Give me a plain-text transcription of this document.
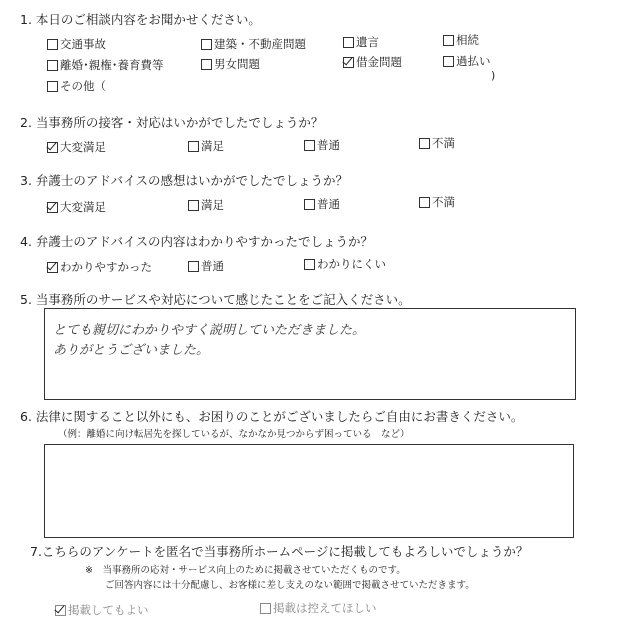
1. 本日のご相談内容をお聞かせください。
交通事故	建築・不動産問題	遺言	相続
離婚･親権･養育費等	男女問題	借金問題	過払い
その他（
)
2. 当事務所の接客・対応はいかがでしたでしょうか？
大変満足	満足	普通	不満
3. 弁護士のアドバイスの感想はいかがでしたでしょうか？
大変満足	満足	普通	不満
4. 弁護士のアドバイスの内容はわかりやすかったでしょうか？
わかりやすかった	普通	わかりにくい
5. 当事務所のサービスや対応について感じたことをご記入ください。
とても親切にわかりやすく説明していただきました。
ありがとうございました。
6. 法律に関すること以外にも、お困りのことがございましたらご自由にお書きください。
（例：離婚に向け転居先を探しているが、なかなか見つからず困っている　など）
7.こちらのアンケートを匿名で当事務所ホームページに掲載してもよろしいでしょうか？
※　当事務所の応対・サービス向上のために掲載させていただくものです。
ご回答内容には十分配慮し、お客様に差し支えのない範囲で掲載させていただきます。
掲載してもよい	掲載は控えてほしい
